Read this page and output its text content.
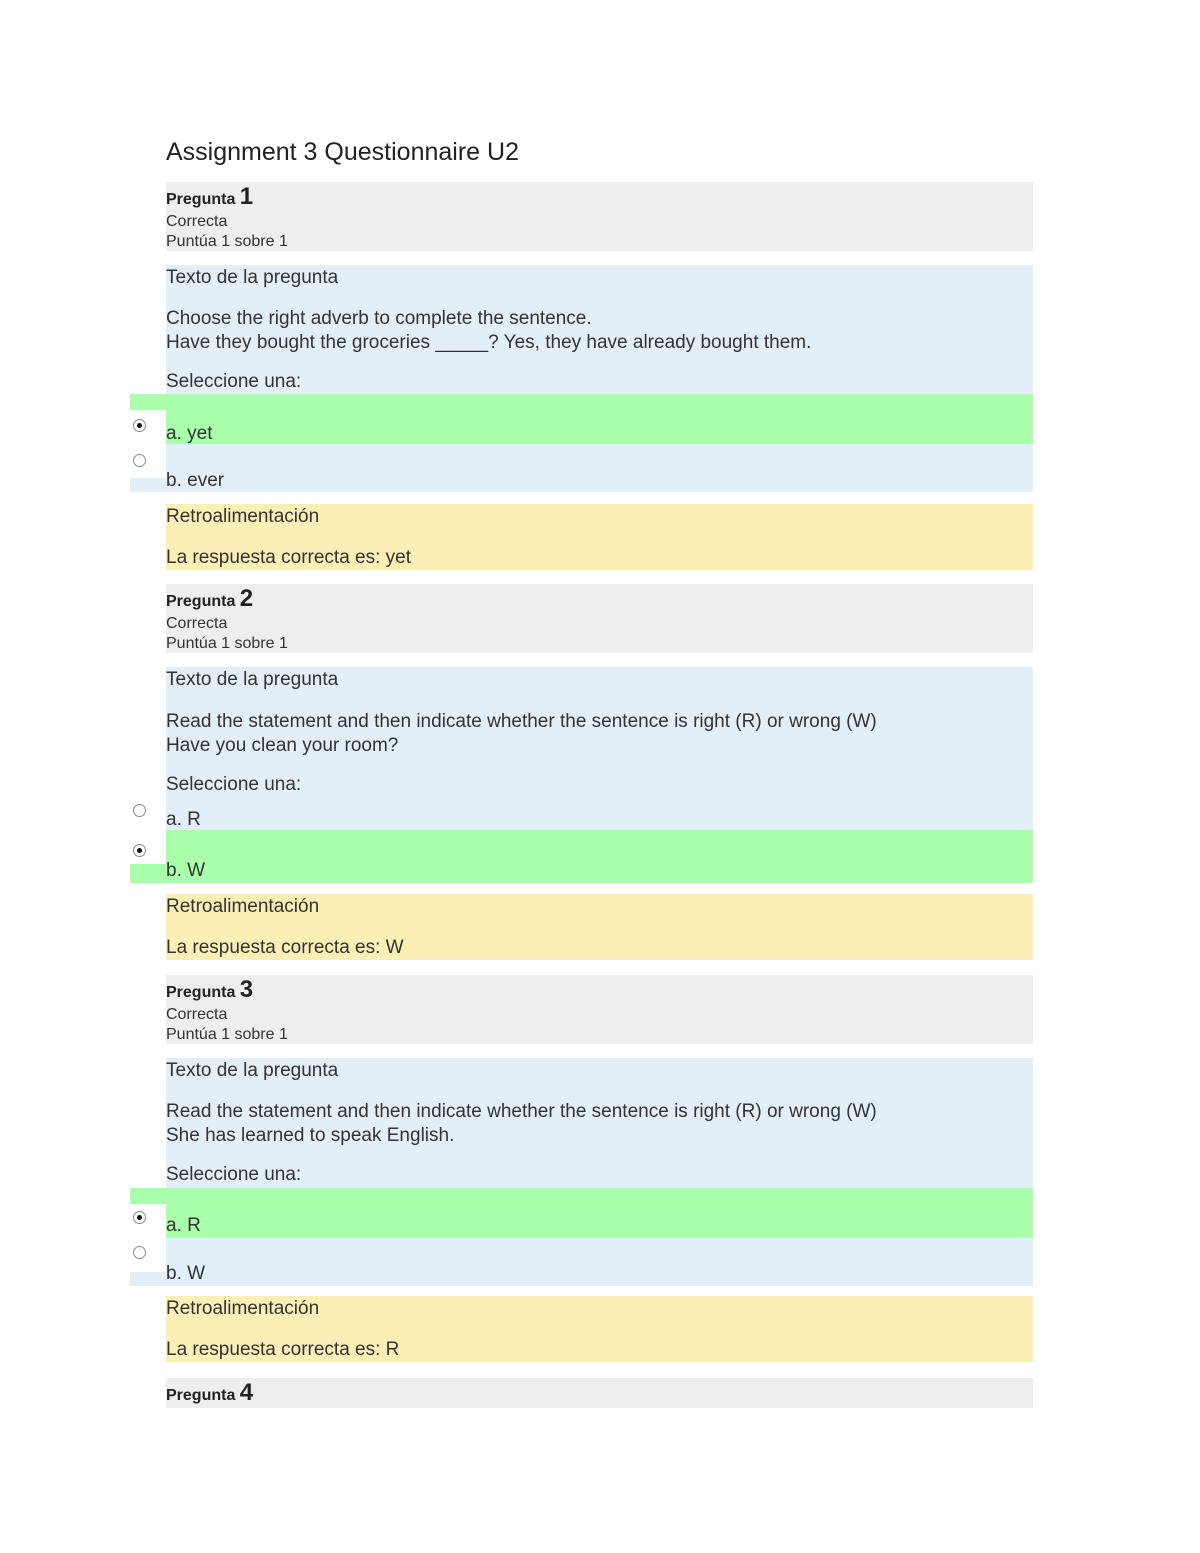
Assignment 3 Questionnaire U2
Pregunta 1
Correcta
Puntúa 1 sobre 1
Texto de la pregunta
Choose the right adverb to complete the sentence.
Have they bought the groceries _____? Yes, they have already bought them.
Seleccione una:
a. yet
b. ever
Retroalimentación
La respuesta correcta es: yet
Pregunta 2
Correcta
Puntúa 1 sobre 1
Texto de la pregunta
Read the statement and then indicate whether the sentence is right (R) or wrong (W)
Have you clean your room?
Seleccione una:
a. R
b. W
Retroalimentación
La respuesta correcta es: W
Pregunta 3
Correcta
Puntúa 1 sobre 1
Texto de la pregunta
Read the statement and then indicate whether the sentence is right (R) or wrong (W)
She has learned to speak English.
Seleccione una:
a. R
b. W
Retroalimentación
La respuesta correcta es: R
Pregunta 4
